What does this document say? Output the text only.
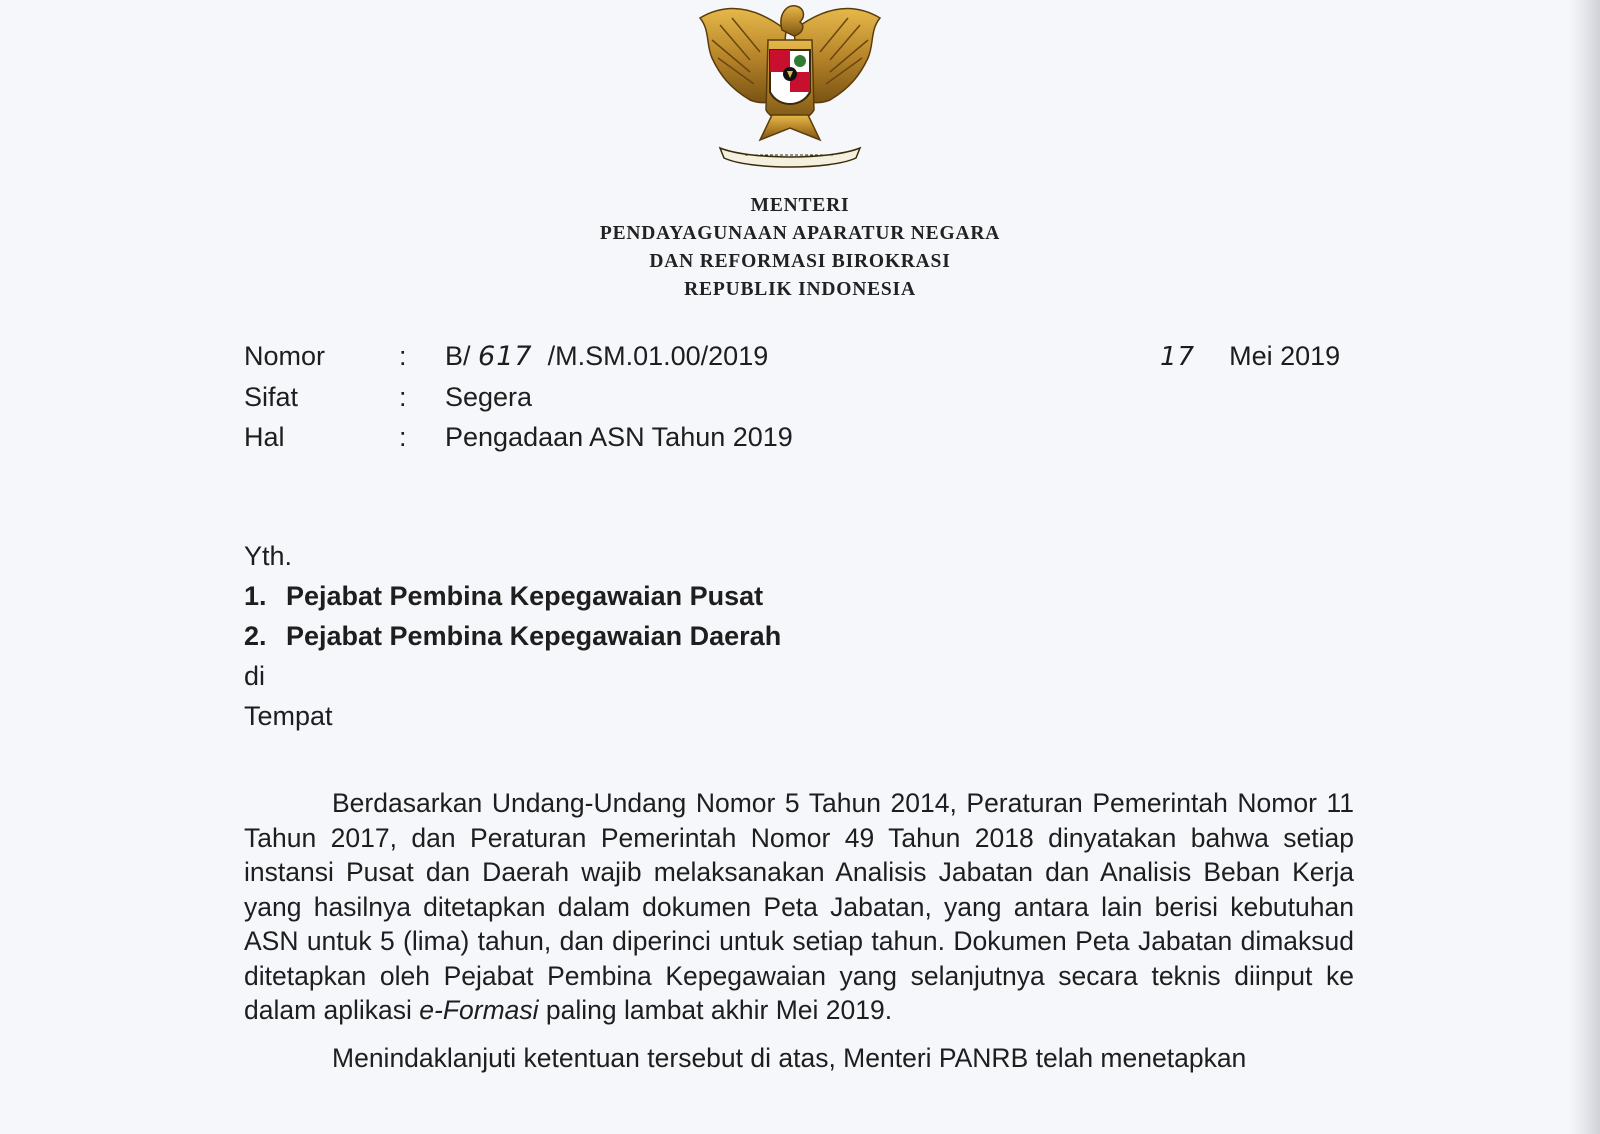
MENTERI
PENDAYAGUNAAN APARATUR NEGARA
DAN REFORMASI BIROKRASI
REPUBLIK INDONESIA
Nomor	:	B/ 617 /M.SM.01.00/2019
Sifat	:	Segera
Hal	:	Pengadaan ASN Tahun 2019
17 Mei 2019
Yth.
1. Pejabat Pembina Kepegawaian Pusat
2. Pejabat Pembina Kepegawaian Daerah
di
Tempat

Berdasarkan Undang-Undang Nomor 5 Tahun 2014, Peraturan Pemerintah Nomor 11 Tahun 2017, dan Peraturan Pemerintah Nomor 49 Tahun 2018 dinyatakan bahwa setiap instansi Pusat dan Daerah wajib melaksanakan Analisis Jabatan dan Analisis Beban Kerja yang hasilnya ditetapkan dalam dokumen Peta Jabatan, yang antara lain berisi kebutuhan ASN untuk 5 (lima) tahun, dan diperinci untuk setiap tahun. Dokumen Peta Jabatan dimaksud ditetapkan oleh Pejabat Pembina Kepegawaian yang selanjutnya secara teknis diinput ke dalam aplikasi e-Formasi paling lambat akhir Mei 2019.

Menindaklanjuti ketentuan tersebut di atas, Menteri PANRB telah menetapkan
